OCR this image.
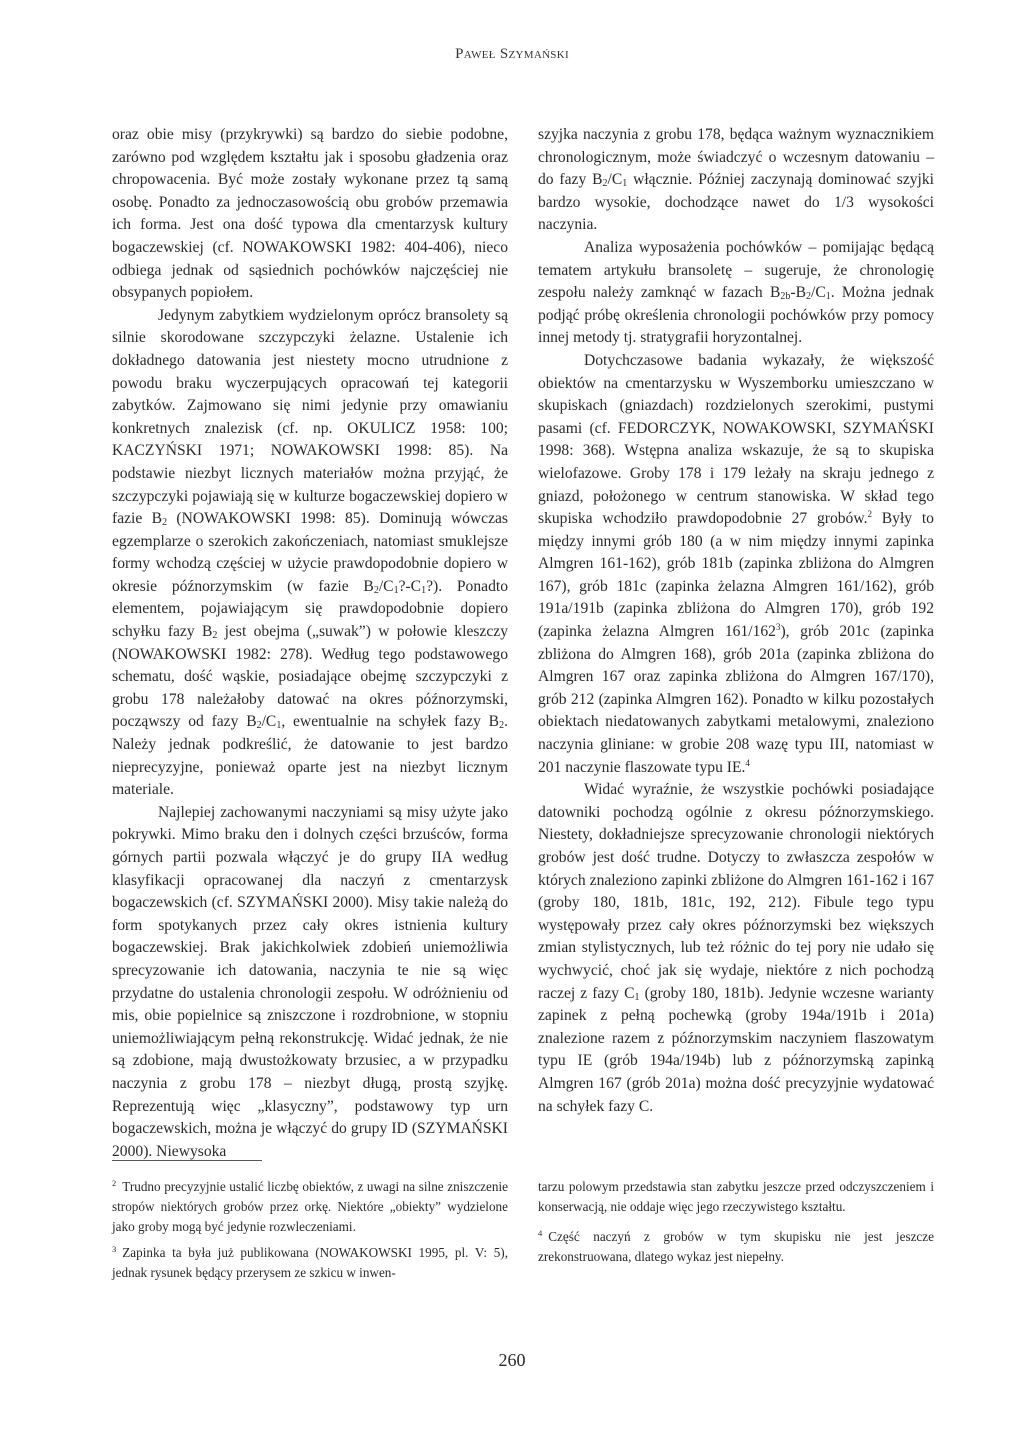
Paweł Szymański

oraz obie misy (przykrywki) są bardzo do siebie podobne, zarówno pod względem kształtu jak i sposobu gładzenia oraz chropowacenia. Być może zostały wykonane przez tą samą osobę. Ponadto za jednoczasowością obu grobów przemawia ich forma. Jest ona dość typowa dla cmentarzysk kultury bogaczewskiej (cf. NOWAKOWSKI 1982: 404-406), nieco odbiega jednak od sąsiednich pochówków najczęściej nie obsypanych popiołem.

Jedynym zabytkiem wydzielonym oprócz bransolety są silnie skorodowane szczypczyki żelazne. Ustalenie ich dokładnego datowania jest niestety mocno utrudnione z powodu braku wyczerpujących opracowań tej kategorii zabytków. Zajmowano się nimi jedynie przy omawianiu konkretnych znalezisk (cf. np. OKULICZ 1958: 100; KACZYŃSKI 1971; NOWAKOWSKI 1998: 85). Na podstawie niezbyt licznych materiałów można przyjąć, że szczypczyki pojawiają się w kulturze bogaczewskiej dopiero w fazie $B_2$ (NOWAKOWSKI 1998: 85). Dominują wówczas egzemplarze o szerokich zakończeniach, natomiast smuklejsze formy wchodzą częściej w użycie prawdopodobnie dopiero w okresie późnorzymskim (w fazie $B_2/C_1?-C_1$?). Ponadto elementem, pojawiającym się prawdopodobnie dopiero schyłku fazy $B_2$ jest obejma („suwak”) w połowie kleszczy (NOWAKOWSKI 1982: 278). Według tego podstawowego schematu, dość wąskie, posiadające obejmę szczypczyki z grobu 178 należałoby datować na okres późnorzymski, począwszy od fazy $B_2/C_1$, ewentualnie na schyłek fazy $B_2$. Należy jednak podkreślić, że datowanie to jest bardzo nieprecyzyjne, ponieważ oparte jest na niezbyt licznym materiale.

Najlepiej zachowanymi naczyniami są misy użyte jako pokrywki. Mimo braku den i dolnych części brzuśców, forma górnych partii pozwala włączyć je do grupy IIA według klasyfikacji opracowanej dla naczyń z cmentarzysk bogaczewskich (cf. SZYMAŃSKI 2000). Misy takie należą do form spotykanych przez cały okres istnienia kultury bogaczewskiej. Brak jakichkolwiek zdobień uniemożliwia sprecyzowanie ich datowania, naczynia te nie są więc przydatne do ustalenia chronologii zespołu. W odróżnieniu od mis, obie popielnice są zniszczone i rozdrobnione, w stopniu uniemożliwiającym pełną rekonstrukcję. Widać jednak, że nie są zdobione, mają dwustożkowaty brzusiec, a w przypadku naczynia z grobu 178 – niezbyt długą, prostą szyjkę. Reprezentują więc „klasyczny”, podstawowy typ urn bogaczewskich, można je włączyć do grupy ID (SZYMAŃSKI 2000). Niewysoka

szyjka naczynia z grobu 178, będąca ważnym wyznacznikiem chronologicznym, może świadczyć o wczesnym datowaniu – do fazy $B_2/C_1$ włącznie. Później zaczynają dominować szyjki bardzo wysokie, dochodzące nawet do 1/3 wysokości naczynia.

Analiza wyposażenia pochówków – pomijając będącą tematem artykułu bransoletę – sugeruje, że chronologię zespołu należy zamknąć w fazach $B_{2b}-B_2/C_1$. Można jednak podjąć próbę określenia chronologii pochówków przy pomocy innej metody tj. stratygrafii horyzontalnej.

Dotychczasowe badania wykazały, że większość obiektów na cmentarzysku w Wyszemborku umieszczano w skupiskach (gniazdach) rozdzielonych szerokimi, pustymi pasami (cf. FEDORCZYK, NOWAKOWSKI, SZYMAŃSKI 1998: 368). Wstępna analiza wskazuje, że są to skupiska wielofazowe. Groby 178 i 179 leżały na skraju jednego z gniazd, położonego w centrum stanowiska. W skład tego skupiska wchodziło prawdopodobnie 27 grobów.$^2$ Były to między innymi grób 180 (a w nim między innymi zapinka Almgren 161-162), grób 181b (zapinka zbliżona do Almgren 167), grób 181c (zapinka żelazna Almgren 161/162), grób 191a/191b (zapinka zbliżona do Almgren 170), grób 192 (zapinka żelazna Almgren $161/162^3$), grób 201c (zapinka zbliżona do Almgren 168), grób 201a (zapinka zbliżona do Almgren 167 oraz zapinka zbliżona do Almgren 167/170), grób 212 (zapinka Almgren 162). Ponadto w kilku pozostałych obiektach niedatowanych zabytkami metalowymi, znaleziono naczynia gliniane: w grobie 208 wazę typu III, natomiast w 201 naczynie flaszowate typu IE.$^4$

Widać wyraźnie, że wszystkie pochówki posiadające datowniki pochodzą ogólnie z okresu późnorzymskiego. Niestety, dokładniejsze sprecyzowanie chronologii niektórych grobów jest dość trudne. Dotyczy to zwłaszcza zespołów w których znaleziono zapinki zbliżone do Almgren 161-162 i 167 (groby 180, 181b, 181c, 192, 212). Fibule tego typu występowały przez cały okres późnorzymski bez większych zmian stylistycznych, lub też różnic do tej pory nie udało się wychwycić, choć jak się wydaje, niektóre z nich pochodzą raczej z fazy $C_1$ (groby 180, 181b). Jedynie wczesne warianty zapinek z pełną pochewką (groby 194a/191b i 201a) znalezione razem z późnorzymskim naczyniem flaszowatym typu IE (grób 194a/194b) lub z późnorzymską zapinką Almgren 167 (grób 201a) można dość precyzyjnie wydatować na schyłek fazy C.

$^2$ Trudno precyzyjnie ustalić liczbę obiektów, z uwagi na silne zniszczenie stropów niektórych grobów przez orkę. Niektóre „obiekty” wydzielone jako groby mogą być jedynie rozwleczeniami.

$^3$ Zapinka ta była już publikowana (NOWAKOWSKI 1995, pl. V: 5), jednak rysunek będący przerysem ze szkicu w inwen-

tarzu polowym przedstawia stan zabytku jeszcze przed odczyszczeniem i konserwacją, nie oddaje więc jego rzeczywistego kształtu.

$^4$ Część naczyń z grobów w tym skupisku nie jest jeszcze zrekonstruowana, dlatego wykaz jest niepełny.

260
